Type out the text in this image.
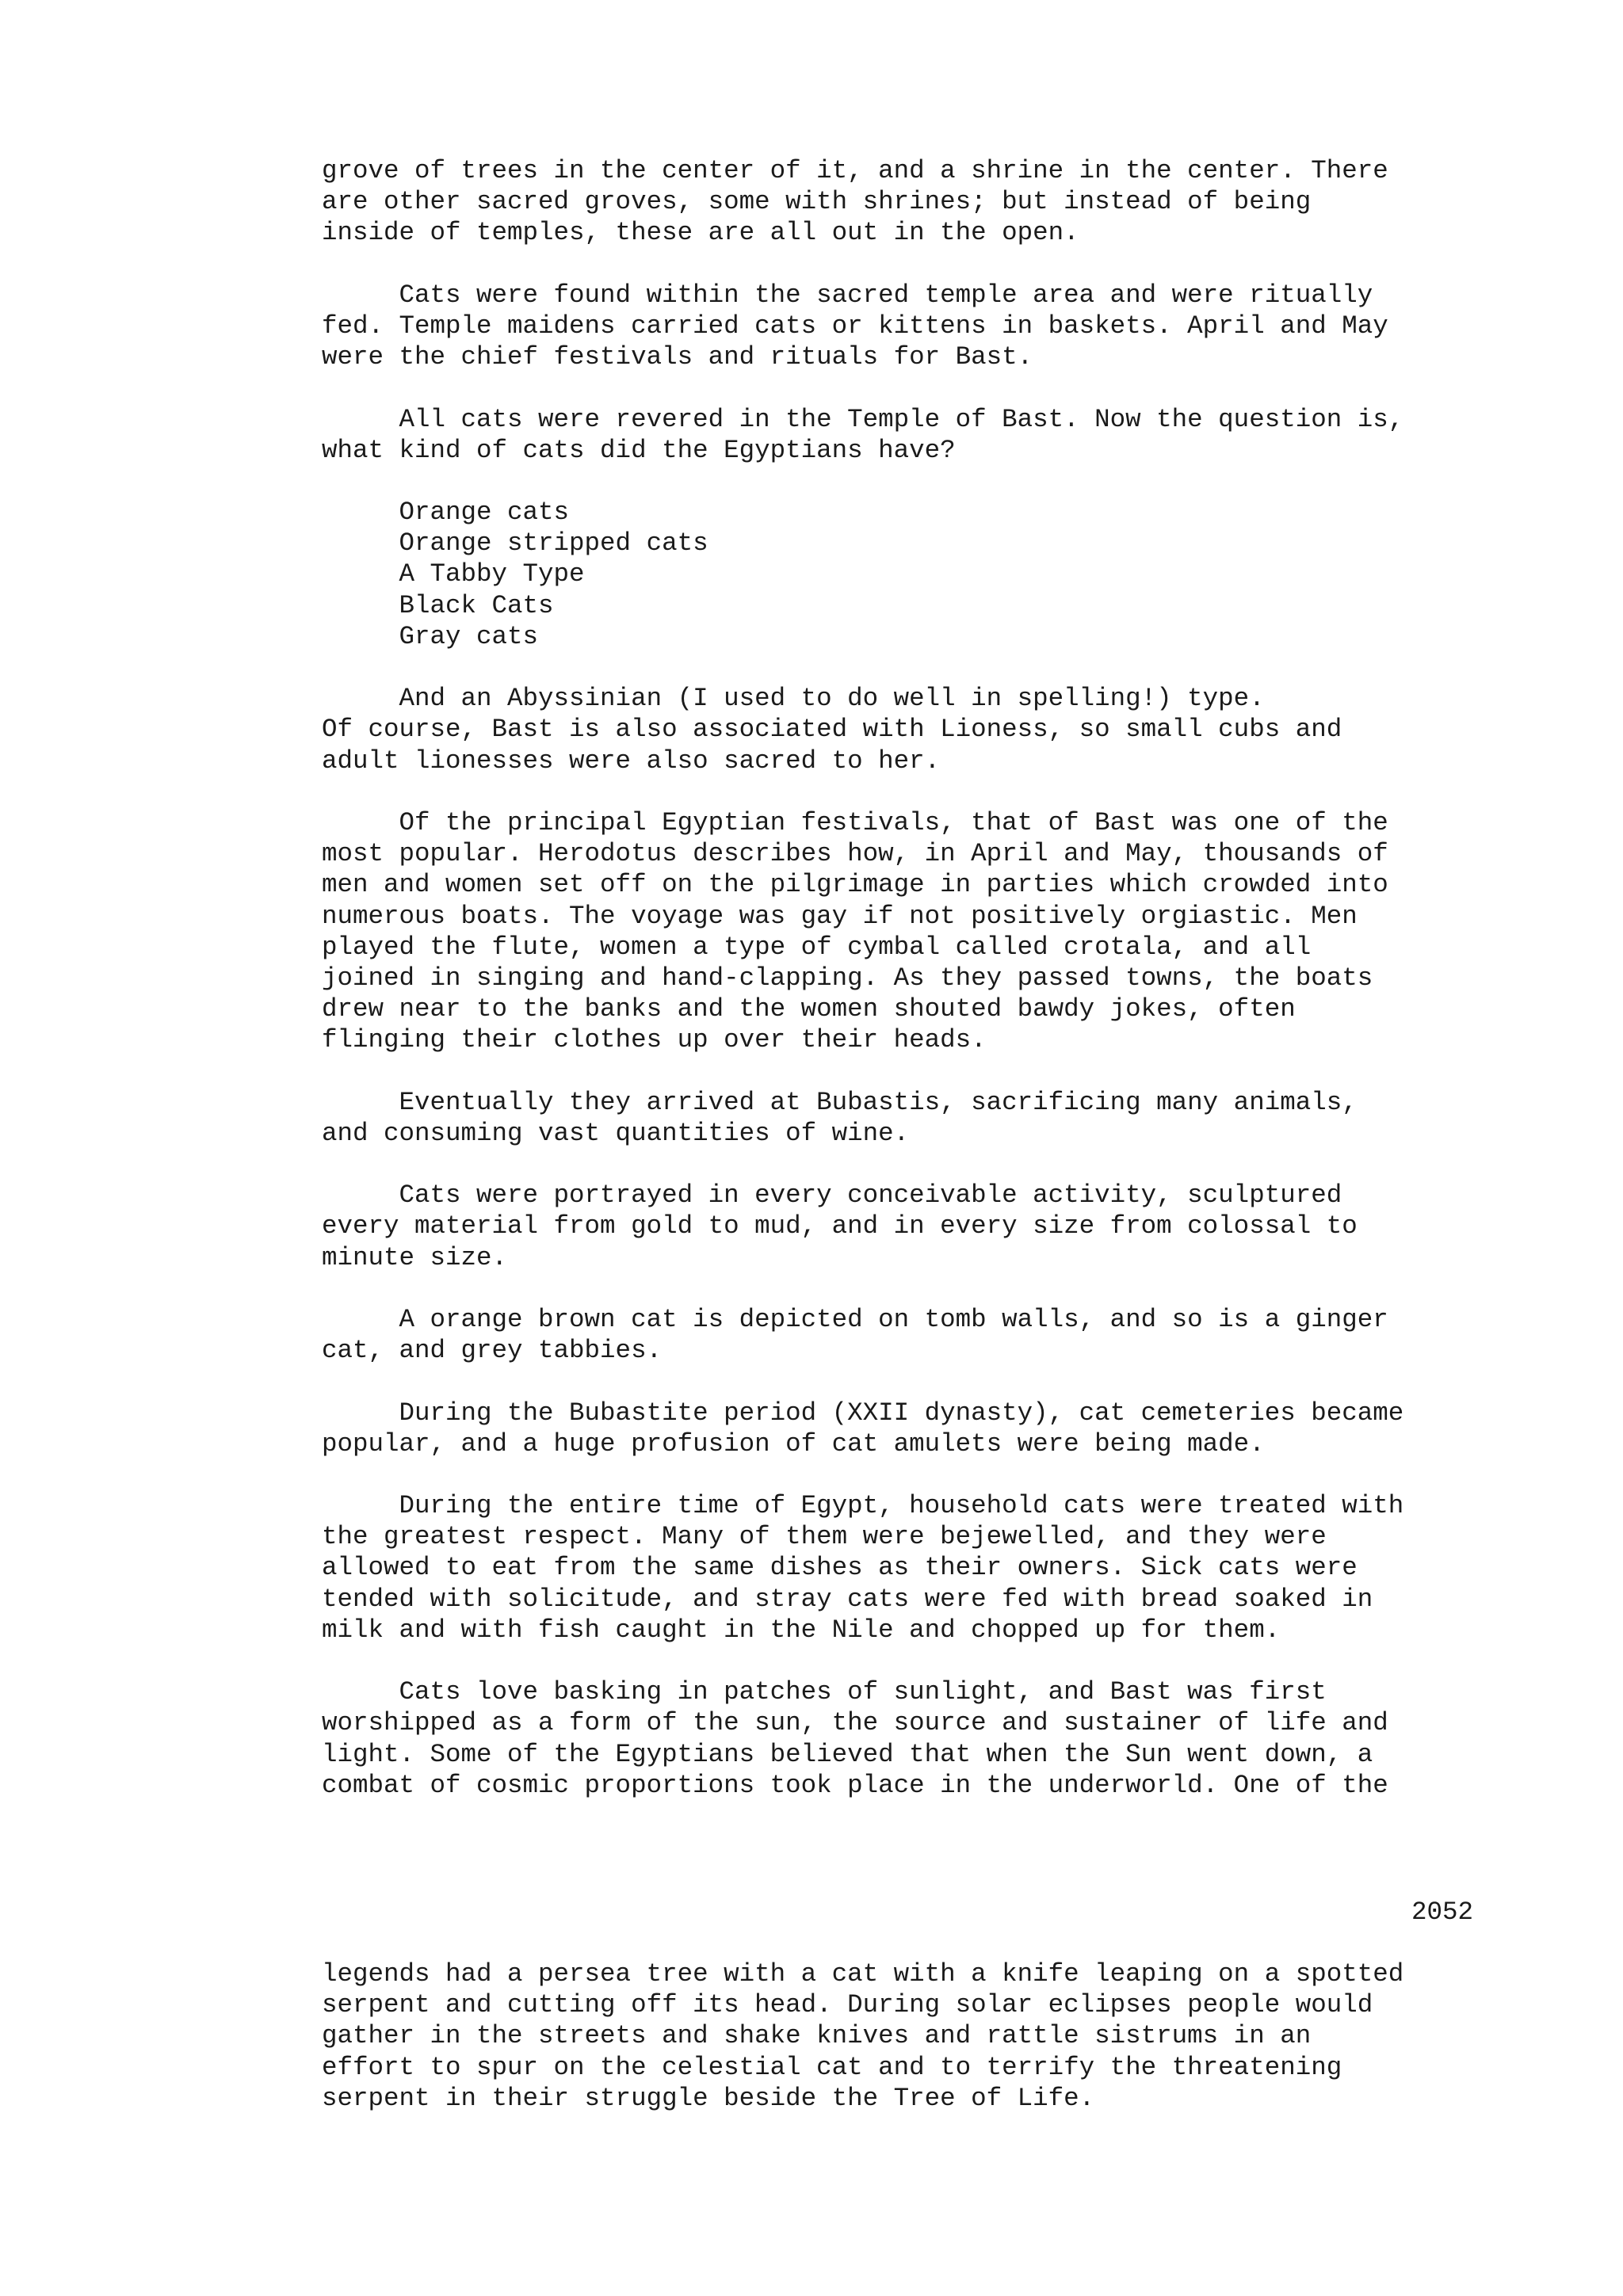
grove of trees in the center of it, and a shrine in the center. There
are other sacred groves, some with shrines; but instead of being
inside of temples, these are all out in the open.
Cats were found within the sacred temple area and were ritually
fed. Temple maidens carried cats or kittens in baskets. April and May
were the chief festivals and rituals for Bast.
All cats were revered in the Temple of Bast. Now the question is,
what kind of cats did the Egyptians have?
Orange cats
Orange stripped cats
A Tabby Type
Black Cats
Gray cats
And an Abyssinian (I used to do well in spelling!) type.
Of course, Bast is also associated with Lioness, so small cubs and
adult lionesses were also sacred to her.
Of the principal Egyptian festivals, that of Bast was one of the
most popular. Herodotus describes how, in April and May, thousands of
men and women set off on the pilgrimage in parties which crowded into
numerous boats. The voyage was gay if not positively orgiastic. Men
played the flute, women a type of cymbal called crotala, and all
joined in singing and hand-clapping. As they passed towns, the boats
drew near to the banks and the women shouted bawdy jokes, often
flinging their clothes up over their heads.
Eventually they arrived at Bubastis, sacrificing many animals,
and consuming vast quantities of wine.
Cats were portrayed in every conceivable activity, sculptured
every material from gold to mud, and in every size from colossal to
minute size.
A orange brown cat is depicted on tomb walls, and so is a ginger
cat, and grey tabbies.
During the Bubastite period (XXII dynasty), cat cemeteries became
popular, and a huge profusion of cat amulets were being made.
During the entire time of Egypt, household cats were treated with
the greatest respect. Many of them were bejewelled, and they were
allowed to eat from the same dishes as their owners. Sick cats were
tended with solicitude, and stray cats were fed with bread soaked in
milk and with fish caught in the Nile and chopped up for them.
Cats love basking in patches of sunlight, and Bast was first
worshipped as a form of the sun, the source and sustainer of life and
light. Some of the Egyptians believed that when the Sun went down, a
combat of cosmic proportions took place in the underworld. One of the
2052
legends had a persea tree with a cat with a knife leaping on a spotted
serpent and cutting off its head. During solar eclipses people would
gather in the streets and shake knives and rattle sistrums in an
effort to spur on the celestial cat and to terrify the threatening
serpent in their struggle beside the Tree of Life.
